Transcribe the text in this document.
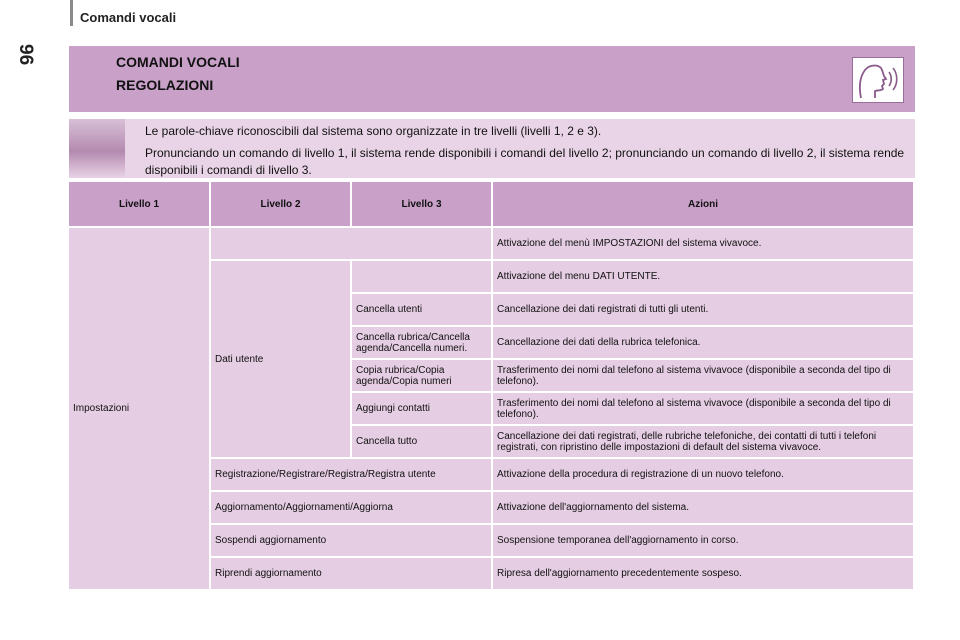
96
Comandi vocali
COMANDI VOCALI
REGOLAZIONI
Le parole-chiave riconoscibili dal sistema sono organizzate in tre livelli (livelli 1, 2 e 3).
Pronunciando un comando di livello 1, il sistema rende disponibili i comandi del livello 2; pronunciando un comando di livello 2, il sistema rende disponibili i comandi di livello 3.
Livello 1	Livello 2	Livello 3	Azioni
Impostazioni			Attivazione del menù IMPOSTAZIONI del sistema vivavoce.
	Dati utente		Attivazione del menu DATI UTENTE.
		Cancella utenti	Cancellazione dei dati registrati di tutti gli utenti.
		Cancella rubrica/Cancella agenda/Cancella numeri.	Cancellazione dei dati della rubrica telefonica.
		Copia rubrica/Copia agenda/Copia numeri	Trasferimento dei nomi dal telefono al sistema vivavoce (disponibile a seconda del tipo di telefono).
		Aggiungi contatti	Trasferimento dei nomi dal telefono al sistema vivavoce (disponibile a seconda del tipo di telefono).
		Cancella tutto	Cancellazione dei dati registrati, delle rubriche telefoniche, dei contatti di tutti i telefoni registrati, con ripristino delle impostazioni di default del sistema vivavoce.
	Registrazione/Registrare/Registra/Registra utente		Attivazione della procedura di registrazione di un nuovo telefono.
	Aggiornamento/Aggiornamenti/Aggiorna		Attivazione dell'aggiornamento del sistema.
	Sospendi aggiornamento		Sospensione temporanea dell'aggiornamento in corso.
	Riprendi aggiornamento		Ripresa dell'aggiornamento precedentemente sospeso.
